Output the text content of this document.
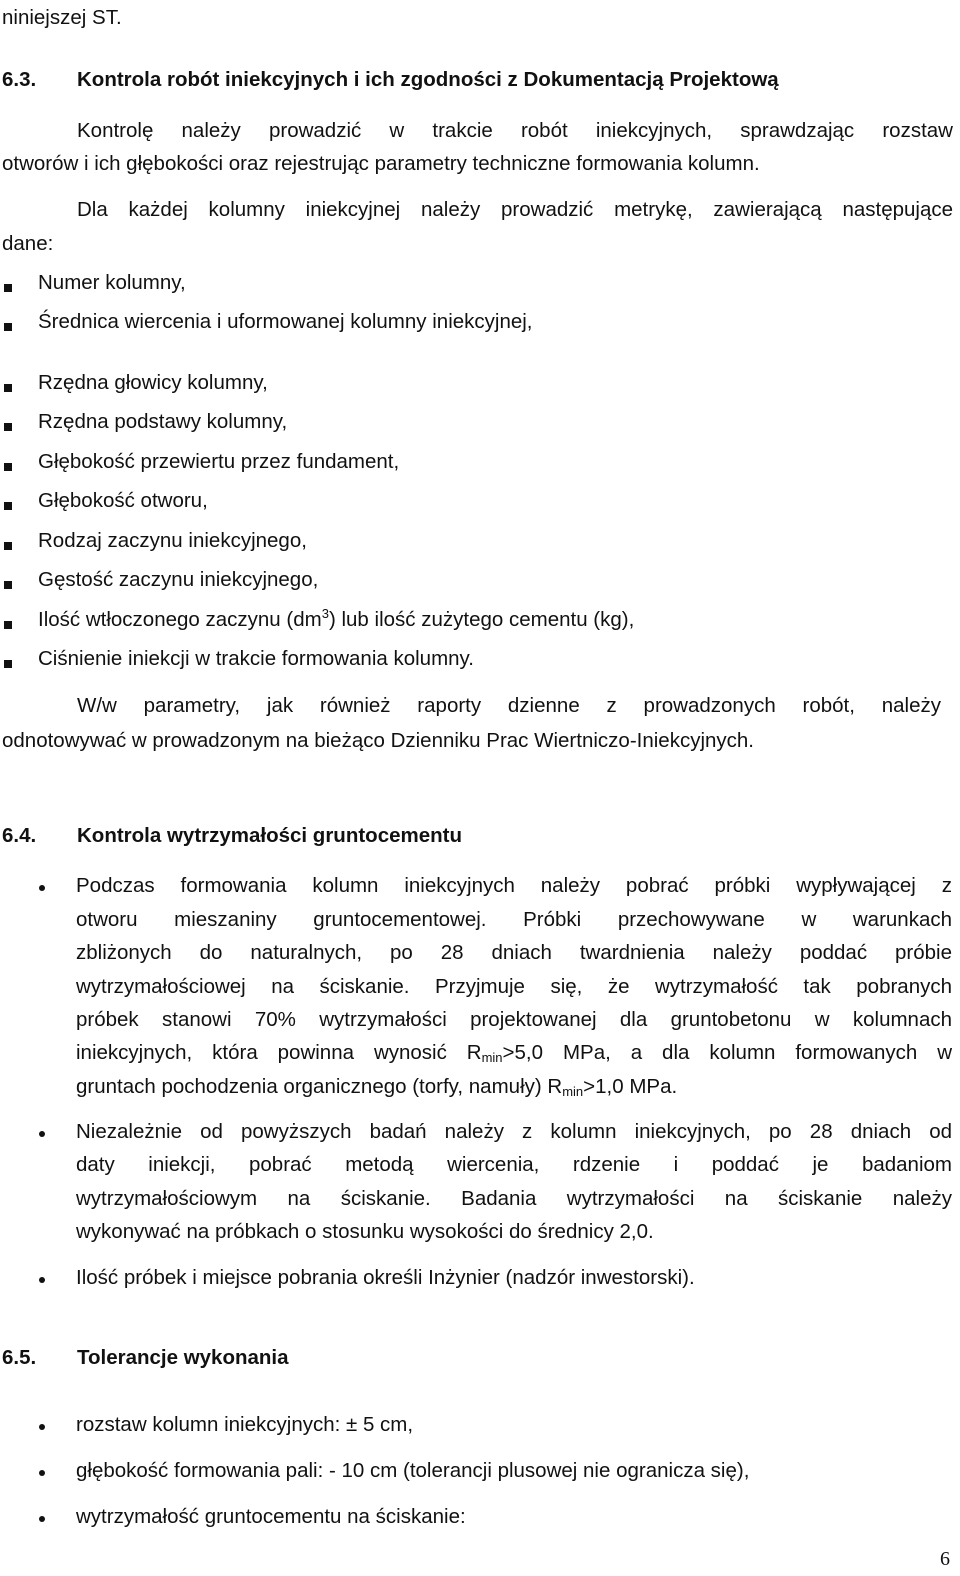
niniejszej ST.
6.3. Kontrola robót iniekcyjnych i ich zgodności z Dokumentacją Projektową
Kontrolę należy prowadzić w trakcie robót iniekcyjnych, sprawdzając rozstaw
otworów i ich głębokości oraz rejestrując parametry techniczne formowania kolumn.
Dla każdej kolumny iniekcyjnej należy prowadzić metrykę, zawierającą następujące
dane:
Numer kolumny,
Średnica wiercenia i uformowanej kolumny iniekcyjnej,
Rzędna głowicy kolumny,
Rzędna podstawy kolumny,
Głębokość przewiertu przez fundament,
Głębokość otworu,
Rodzaj zaczynu iniekcyjnego,
Gęstość zaczynu iniekcyjnego,
Ilość wtłoczonego zaczynu $(dm^3)$ lub ilość zużytego cementu (kg),
Ciśnienie iniekcji w trakcie formowania kolumny.
W/w parametry, jak również raporty dzienne z prowadzonych robót, należy
odnotowywać w prowadzonym na bieżąco Dzienniku Prac Wiertniczo-Iniekcyjnych.
6.4. Kontrola wytrzymałości gruntocementu
Podczas formowania kolumn iniekcyjnych należy pobrać próbki wypływającej z
otworu mieszaniny gruntocementowej. Próbki przechowywane w warunkach
zbliżonych do naturalnych, po 28 dniach twardnienia należy poddać próbie
wytrzymałościowej na ściskanie. Przyjmuje się, że wytrzymałość tak pobranych
próbek stanowi 70% wytrzymałości projektowanej dla gruntobetonu w kolumnach
iniekcyjnych, która powinna wynosić $R_{min}>5,0$ MPa, a dla kolumn formowanych w
gruntach pochodzenia organicznego (torfy, namuły) $R_{min}>1,0$ MPa.
Niezależnie od powyższych badań należy z kolumn iniekcyjnych, po 28 dniach od
daty iniekcji, pobrać metodą wiercenia, rdzenie i poddać je badaniom
wytrzymałościowym na ściskanie. Badania wytrzymałości na ściskanie należy
wykonywać na próbkach o stosunku wysokości do średnicy 2,0.
Ilość próbek i miejsce pobrania określi Inżynier (nadzór inwestorski).
6.5. Tolerancje wykonania
rozstaw kolumn iniekcyjnych: ± 5 cm,
głębokość formowania pali: - 10 cm (tolerancji plusowej nie ogranicza się),
wytrzymałość gruntocementu na ściskanie:
6
